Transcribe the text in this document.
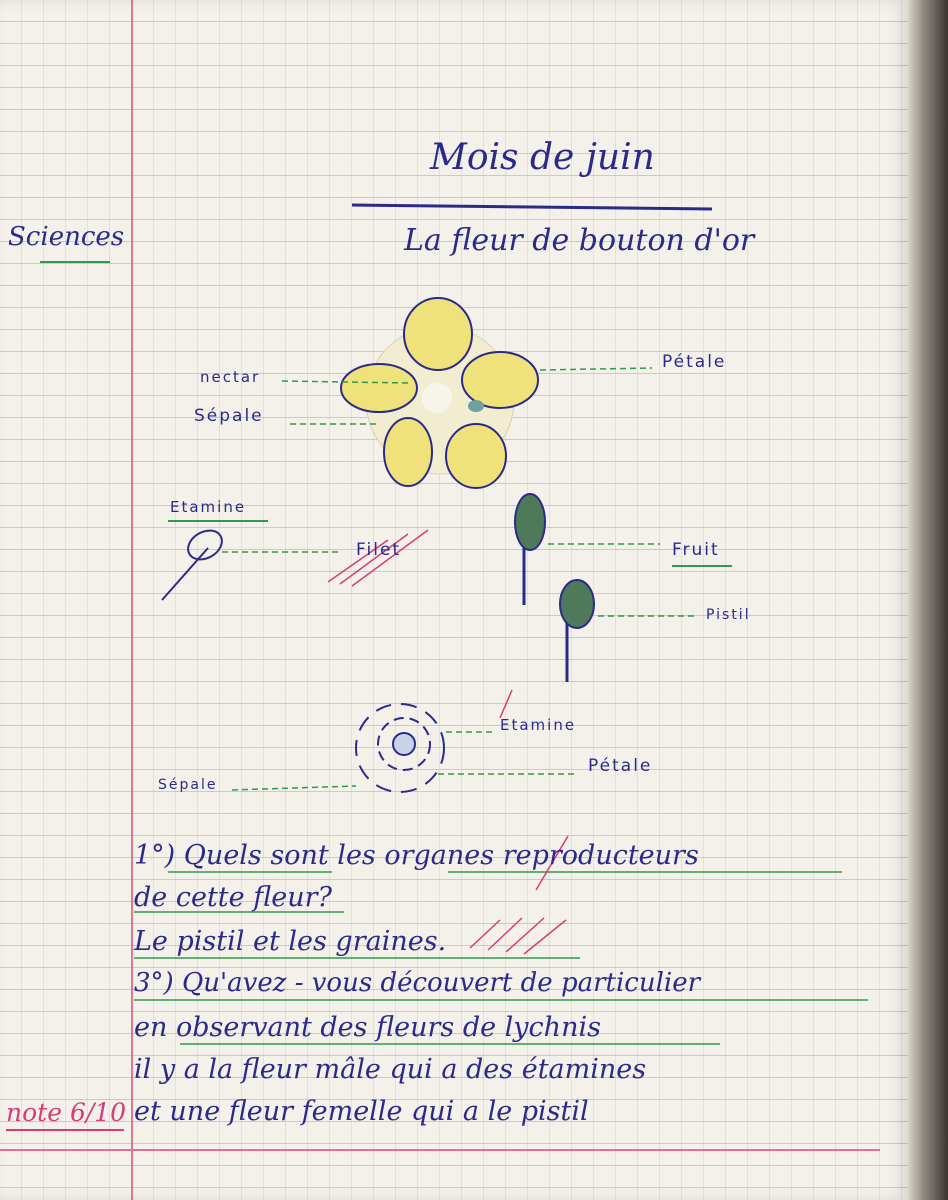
Mois de juin
Sciences	La fleur de bouton d'or
nectar
Sépale
Pétale
Etamine
Filet	Fruit
Pistil
Etamine
Pétale
Sépale
1°) Quels sont les organes reproducteurs
de cette fleur?
Le pistil et les graines.
3°) Qu'avez - vous découvert de particulier
en observant des fleurs de lychnis
il y a la fleur mâle qui a des étamines
et une fleur femelle qui a le pistil
note 6/10
